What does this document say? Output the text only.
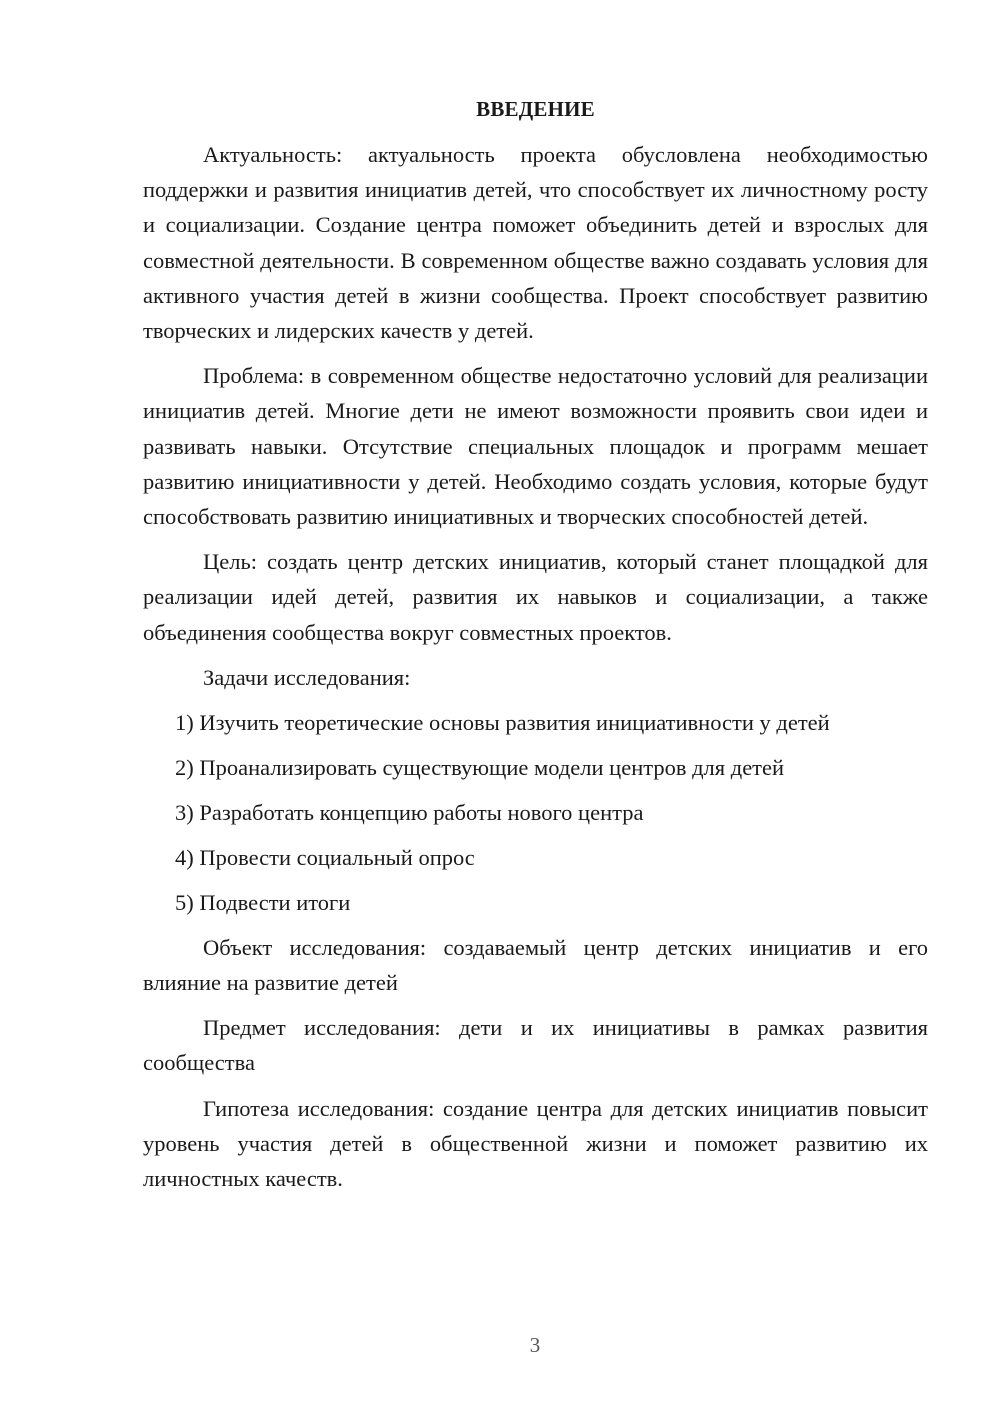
ВВЕДЕНИЕ

Актуальность: актуальность проекта обусловлена необходимостью поддержки и развития инициатив детей, что способствует их личностному росту и социализации. Создание центра поможет объединить детей и взрослых для совместной деятельности. В современном обществе важно создавать условия для активного участия детей в жизни сообщества. Проект способствует развитию творческих и лидерских качеств у детей.

Проблема: в современном обществе недостаточно условий для реализации инициатив детей. Многие дети не имеют возможности проявить свои идеи и развивать навыки. Отсутствие специальных площадок и программ мешает развитию инициативности у детей. Необходимо создать условия, которые будут способствовать развитию инициативных и творческих способностей детей.

Цель: создать центр детских инициатив, который станет площадкой для реализации идей детей, развития их навыков и социализации, а также объединения сообщества вокруг совместных проектов.

Задачи исследования:

1) Изучить теоретические основы развития инициативности у детей

2) Проанализировать существующие модели центров для детей

3) Разработать концепцию работы нового центра

4) Провести социальный опрос

5) Подвести итоги

Объект исследования: создаваемый центр детских инициатив и его влияние на развитие детей

Предмет исследования: дети и их инициативы в рамках развития сообщества

Гипотеза исследования: создание центра для детских инициатив повысит уровень участия детей в общественной жизни и поможет развитию их личностных качеств.

3
